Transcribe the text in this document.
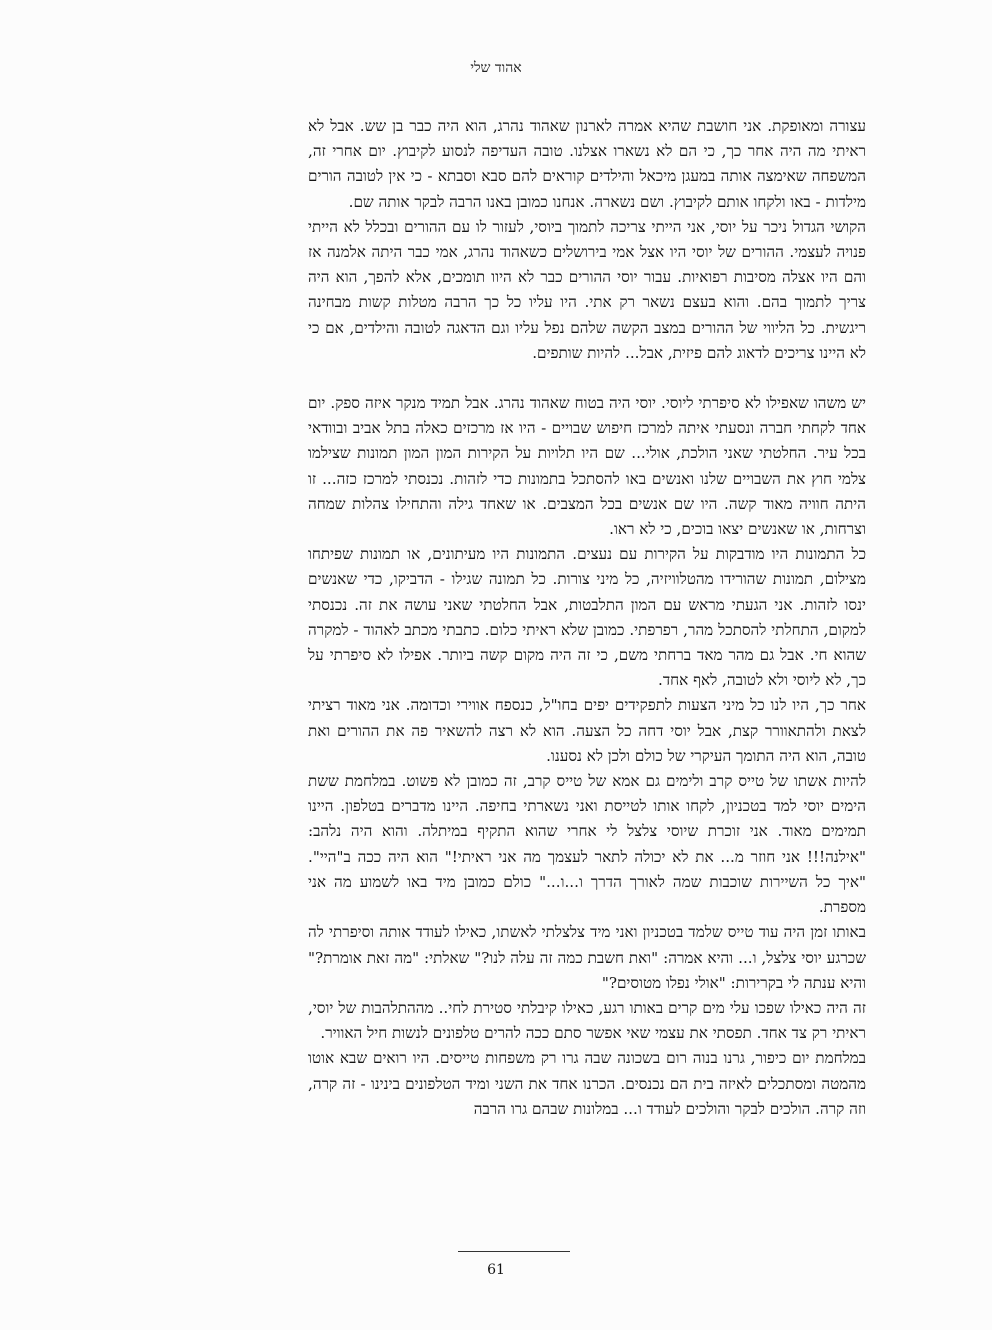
אהוד שלי

עצורה ומאופקת. אני חושבת שהיא אמרה לארנון שאהוד נהרג, הוא היה כבר בן שש. אבל לא ראיתי מה היה אחר כך, כי הם לא נשארו אצלנו. טובה העדיפה לנסוע לקיבוץ. יום אחרי זה, המשפחה שאימצה אותה במעגן מיכאל והילדים קוראים להם סבא וסבתא - כי אין לטובה הורים מילדות - באו ולקחו אותם לקיבוץ. ושם נשארה. אנחנו כמובן באנו הרבה לבקר אותה שם.

הקושי הגדול ניכר על יוסי, אני הייתי צריכה לתמוך ביוסי, לעזור לו עם ההורים ובכלל לא הייתי פנויה לעצמי. ההורים של יוסי היו אצל אמי בירושלים כשאהוד נהרג, אמי כבר היתה אלמנה אז והם היו אצלה מסיבות רפואיות. עבור יוסי ההורים כבר לא היוו תומכים, אלא להפך, הוא היה צריך לתמוך בהם. והוא בעצם נשאר רק אתי. היו עליו כל כך הרבה מטלות קשות מבחינה ריגשית. כל הליווי של ההורים במצב הקשה שלהם נפל עליו וגם הדאגה לטובה והילדים, אם כי לא היינו צריכים לדאוג להם פיזית, אבל... להיות שותפים.

יש משהו שאפילו לא סיפרתי ליוסי. יוסי היה בטוח שאהוד נהרג. אבל תמיד מנקר איזה ספק. יום אחד לקחתי חברה ונסעתי איתה למרכז חיפוש שבויים - היו אז מרכזים כאלה בתל אביב ובוודאי בכל עיר. החלטתי שאני הולכת, אולי... שם היו תלויות על הקירות המון המון תמונות שצילמו צלמי חוץ את השבויים שלנו ואנשים באו להסתכל בתמונות כדי לזהות. נכנסתי למרכז כזה... זו היתה חוויה מאוד קשה. היו שם אנשים בכל המצבים. או שאחד גילה והתחילו צהלות שמחה וצרחות, או שאנשים יצאו בוכים, כי לא ראו.

כל התמונות היו מודבקות על הקירות עם נעצים. התמונות היו מעיתונים, או תמונות שפיתחו מצילום, תמונות שהורידו מהטלוויזיה, כל מיני צורות. כל תמונה שגילו - הדביקו, כדי שאנשים ינסו לזהות. אני הגעתי מראש עם המון התלבטות, אבל החלטתי שאני עושה את זה. נכנסתי למקום, התחלתי להסתכל מהר, רפרפתי. כמובן שלא ראיתי כלום. כתבתי מכתב לאהוד - למקרה שהוא חי. אבל גם מהר מאד ברחתי משם, כי זה היה מקום קשה ביותר. אפילו לא סיפרתי על כך, לא ליוסי ולא לטובה, לאף אחד.

אחר כך, היו לנו כל מיני הצעות לתפקידים יפים בחו"ל, כנספח אווירי וכדומה. אני מאוד רציתי לצאת ולהתאוורר קצת, אבל יוסי דחה כל הצעה. הוא לא רצה להשאיר פה את ההורים ואת טובה, הוא היה התומך העיקרי של כולם ולכן לא נסענו.

להיות אשתו של טייס קרב ולימים גם אמא של טייס קרב, זה כמובן לא פשוט. במלחמת ששת הימים יוסי למד בטכניון, לקחו אותו לטייסת ואני נשארתי בחיפה. היינו מדברים בטלפון. היינו תמימים מאוד. אני זוכרת שיוסי צלצל לי אחרי שהוא התקיף במיתלה. והוא היה נלהב: "אילנה!!! אני חוזר מ... את לא יכולה לתאר לעצמך מה אני ראיתי!" הוא היה ככה ב"היי". "איך כל השיירות שוכבות שמה לאורך הדרך ו...ו..." כולם כמובן מיד באו לשמוע מה אני מספרת.

באותו זמן היה עוד טייס שלמד בטכניון ואני מיד צלצלתי לאשתו, כאילו לעודד אותה וסיפרתי לה שכרגע יוסי צלצל, ו... והיא אמרה: "ואת חשבת כמה זה עלה לנו?" שאלתי: "מה זאת אומרת?" והיא ענתה לי בקרירות: "אולי נפלו מטוסים?"

זה היה כאילו שפכו עלי מים קרים באותו רגע, כאילו קיבלתי סטירת לחי.. מההתלהבות של יוסי, ראיתי רק צד אחד. תפסתי את עצמי שאי אפשר סתם ככה להרים טלפונים לנשות חיל האוויר.

במלחמת יום כיפור, גרנו בנוה רום בשכונה שבה גרו רק משפחות טייסים. היו רואים שבא אוטו מהמטה ומסתכלים לאיזה בית הם נכנסים. הכרנו אחד את השני ומיד הטלפונים בינינו - זה קרה, וזה קרה. הולכים לבקר והולכים לעודד ו... במלונות שבהם גרו הרבה

61
